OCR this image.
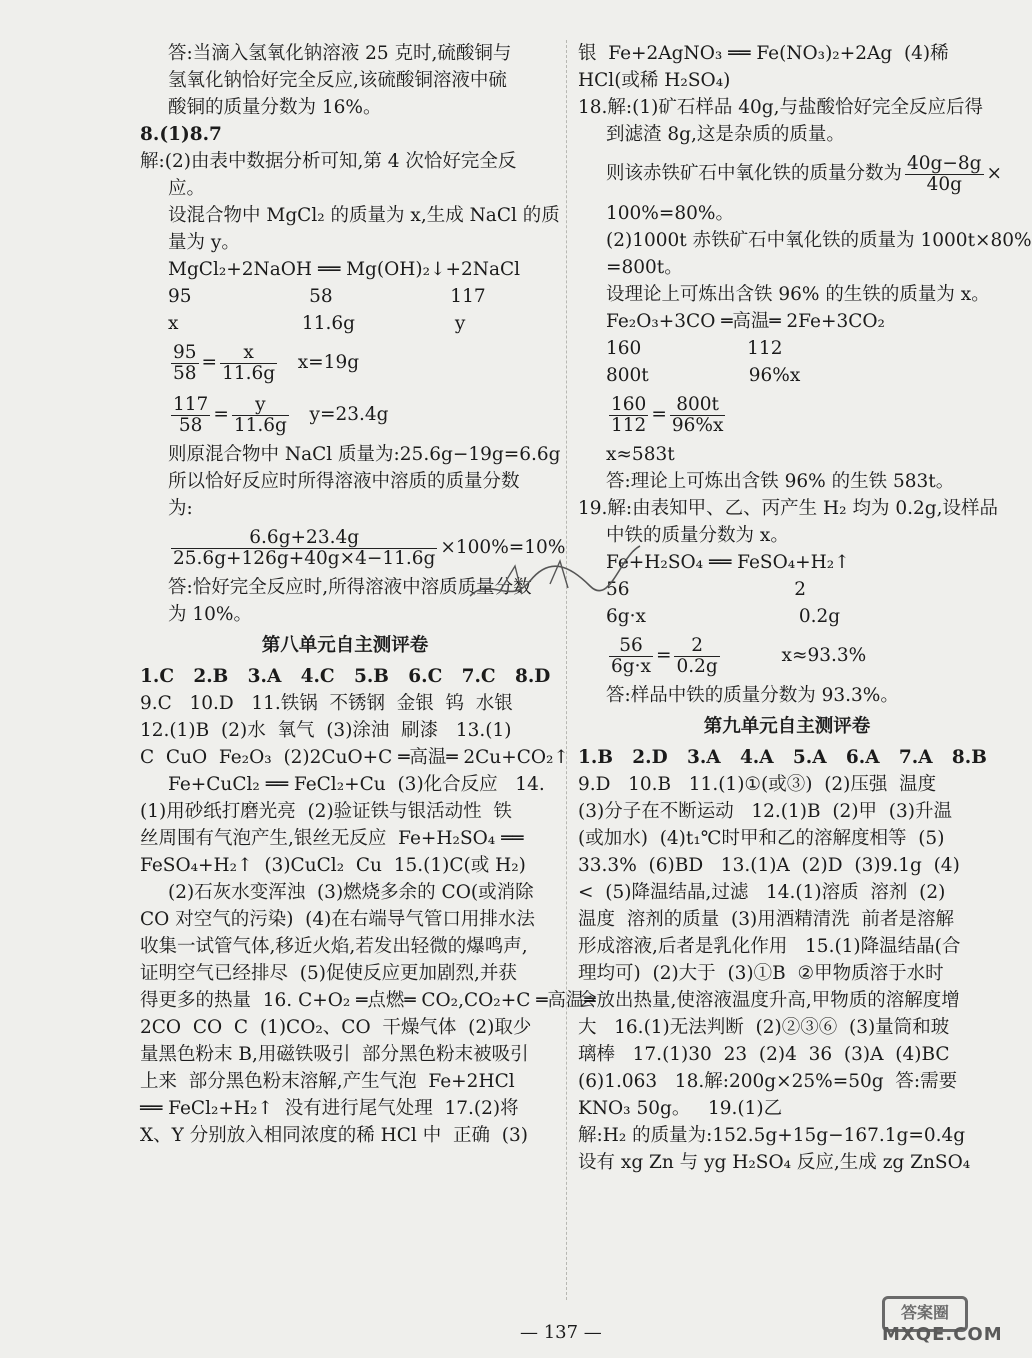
答:当滴入氢氧化钠溶液 25 克时,硫酸铜与
氢氧化钠恰好完全反应,该硫酸铜溶液中硫
酸铜的质量分数为 16%。
8.(1)8.7
解:(2)由表中数据分析可知,第 4 次恰好完全反
应。
设混合物中 MgCl₂ 的质量为 x,生成 NaCl 的质
量为 y。
MgCl₂+2NaOH ══ Mg(OH)₂↓+2NaCl
95                    58                    117
x                     11.6g                 y
$\frac{95}{58} = \frac{x}{11.6g} x=19g$
$\frac{117}{58} = \frac{y}{11.6g} y=23.4g$
则原混合物中 NaCl 质量为:25.6g−19g=6.6g
所以恰好反应时所得溶液中溶质的质量分数
为:
$\frac{6.6g+23.4g}{25.6g+126g+40g\times 4-11.6g} \times 100\%=10\%$
答:恰好完全反应时,所得溶液中溶质质量分数
为 10%。
第八单元自主测评卷
1.C   2.B   3.A   4.C   5.B   6.C   7.C   8.D
9.C   10.D   11.铁锅  不锈钢  金银  钨  水银
12.(1)B  (2)水  氧气  (3)涂油  刷漆   13.(1)
C  CuO  Fe₂O₃  (2)2CuO+C ═高温═ 2Cu+CO₂↑
Fe+CuCl₂ ══ FeCl₂+Cu  (3)化合反应   14.
(1)用砂纸打磨光亮  (2)验证铁与银活动性  铁
丝周围有气泡产生,银丝无反应  Fe+H₂SO₄ ══
FeSO₄+H₂↑  (3)CuCl₂  Cu  15.(1)C(或 H₂)
(2)石灰水变浑浊  (3)燃烧多余的 CO(或消除
CO 对空气的污染)  (4)在右端导气管口用排水法
收集一试管气体,移近火焰,若发出轻微的爆鸣声,
证明空气已经排尽  (5)促使反应更加剧烈,并获
得更多的热量  16. C+O₂ ═点燃═ CO₂,CO₂+C ═高温═
2CO  CO  C  (1)CO₂、CO  干燥气体  (2)取少
量黑色粉末 B,用磁铁吸引  部分黑色粉末被吸引
上来  部分黑色粉末溶解,产生气泡  Fe+2HCl
══ FeCl₂+H₂↑  没有进行尾气处理  17.(2)将
X、Y 分别放入相同浓度的稀 HCl 中  正确  (3)
银  Fe+2AgNO₃ ══ Fe(NO₃)₂+2Ag  (4)稀
HCl(或稀 H₂SO₄)
18.解:(1)矿石样品 40g,与盐酸恰好完全反应后得
到滤渣 8g,这是杂质的质量。
则该赤铁矿石中氧化铁的质量分数为 $\frac{40g-8g}{40g}$ ×
100%=80%。
(2)1000t 赤铁矿石中氧化铁的质量为 1000t×80%
=800t。
设理论上可炼出含铁 96% 的生铁的质量为 x。
Fe₂O₃+3CO ═高温═ 2Fe+3CO₂
160                  112
800t                 96%x
$\frac{160}{112} = \frac{800t}{96\%x}$
x≈583t
答:理论上可炼出含铁 96% 的生铁 583t。
19.解:由表知甲、乙、丙产生 H₂ 均为 0.2g,设样品
中铁的质量分数为 x。
Fe+H₂SO₄ ══ FeSO₄+H₂↑
56                            2
6g·x                          0.2g
$\frac{56}{6g\cdot x} = \frac{2}{0.2g} x\approx 93.3\%$
答:样品中铁的质量分数为 93.3%。
第九单元自主测评卷
1.B   2.D   3.A   4.A   5.A   6.A   7.A   8.B
9.D   10.B   11.(1)①(或③)  (2)压强  温度
(3)分子在不断运动   12.(1)B  (2)甲  (3)升温
(或加水)  (4)t₁℃时甲和乙的溶解度相等  (5)
33.3%  (6)BD   13.(1)A  (2)D  (3)9.1g  (4)
<  (5)降温结晶,过滤   14.(1)溶质  溶剂  (2)
温度  溶剂的质量  (3)用酒精清洗  前者是溶解
形成溶液,后者是乳化作用   15.(1)降温结晶(合
理均可)  (2)大于  (3)①B  ②甲物质溶于水时
会放出热量,使溶液温度升高,甲物质的溶解度增
大   16.(1)无法判断  (2)②③⑥  (3)量筒和玻
璃棒   17.(1)30  23  (2)4  36  (3)A  (4)BC
(6)1.063   18.解:200g×25%=50g  答:需要
KNO₃ 50g。   19.(1)乙
解:H₂ 的质量为:152.5g+15g−167.1g=0.4g
设有 xg Zn 与 yg H₂SO₄ 反应,生成 zg ZnSO₄
— 137 —
答案圈
MXQE.COM
